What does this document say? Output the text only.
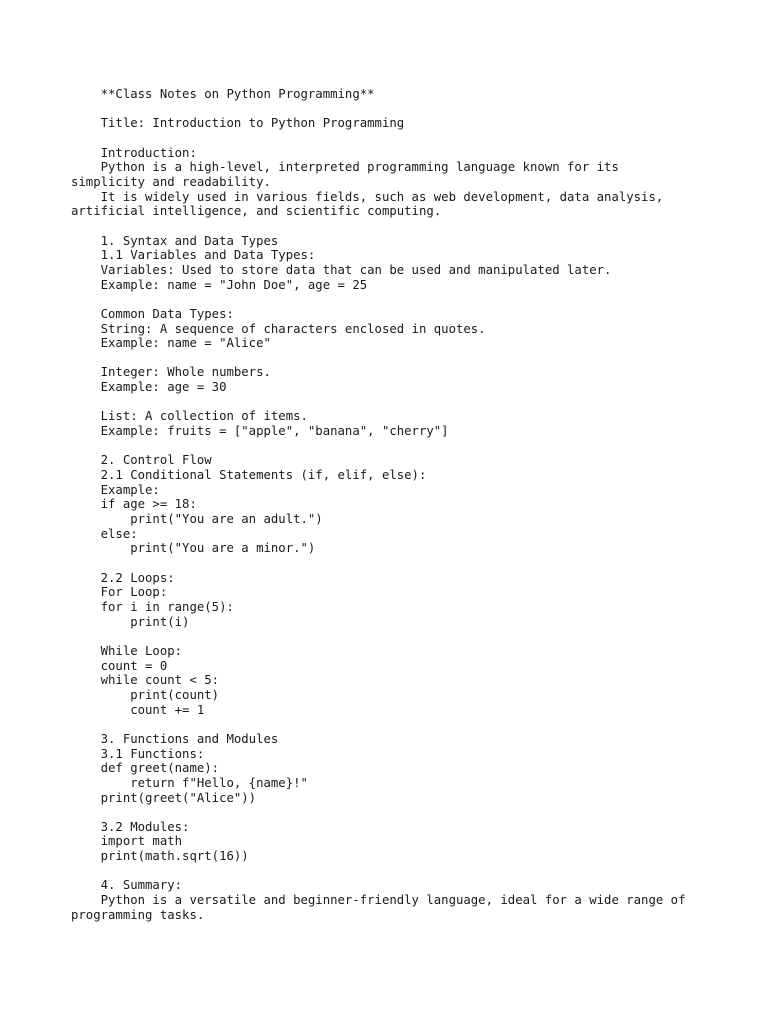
**Class Notes on Python Programming**
Title: Introduction to Python Programming
Introduction:
Python is a high-level, interpreted programming language known for its
simplicity and readability.
It is widely used in various fields, such as web development, data analysis,
artificial intelligence, and scientific computing.
1. Syntax and Data Types
1.1 Variables and Data Types:
Variables: Used to store data that can be used and manipulated later.
Example: name = "John Doe", age = 25
Common Data Types:
String: A sequence of characters enclosed in quotes.
Example: name = "Alice"
Integer: Whole numbers.
Example: age = 30
List: A collection of items.
Example: fruits = ["apple", "banana", "cherry"]
2. Control Flow
2.1 Conditional Statements (if, elif, else):
Example:
if age >= 18:
print("You are an adult.")
else:
print("You are a minor.")
2.2 Loops:
For Loop:
for i in range(5):
print(i)
While Loop:
count = 0
while count < 5:
print(count)
count += 1
3. Functions and Modules
3.1 Functions:
def greet(name):
return f"Hello, {name}!"
print(greet("Alice"))
3.2 Modules:
import math
print(math.sqrt(16))
4. Summary:
Python is a versatile and beginner-friendly language, ideal for a wide range of
programming tasks.
